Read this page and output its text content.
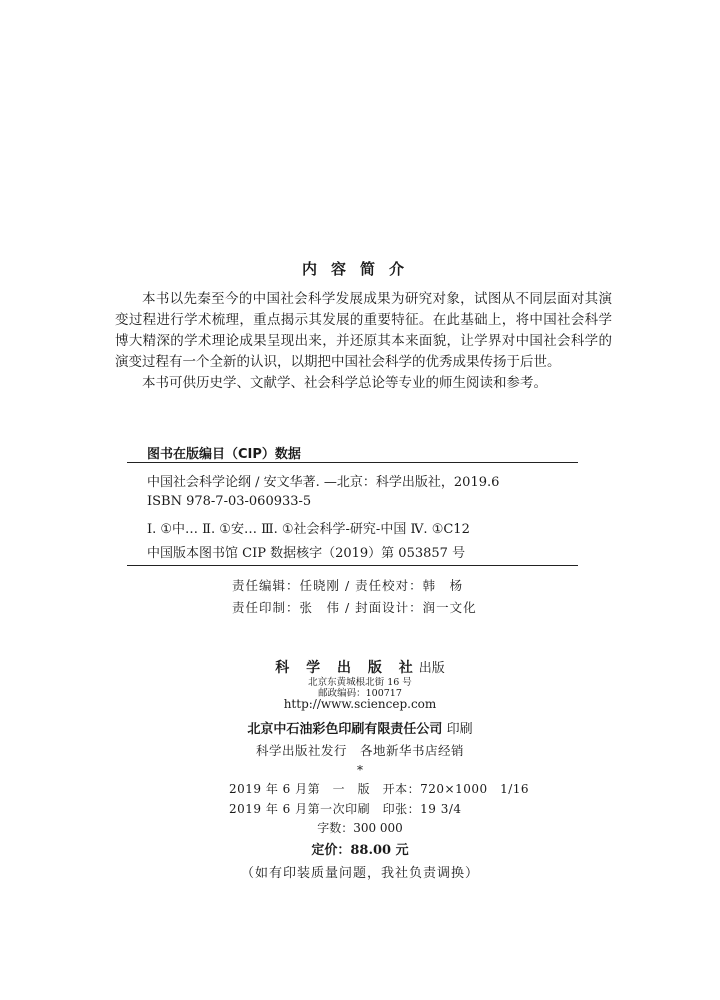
内容简介

本书以先秦至今的中国社会科学发展成果为研究对象，试图从不同层面对其演变过程进行学术梳理，重点揭示其发展的重要特征。在此基础上，将中国社会科学博大精深的学术理论成果呈现出来，并还原其本来面貌，让学界对中国社会科学的演变过程有一个全新的认识，以期把中国社会科学的优秀成果传扬于后世。

本书可供历史学、文献学、社会科学总论等专业的师生阅读和参考。

图书在版编目（CIP）数据
中国社会科学论纲 / 安文华著. —北京：科学出版社，2019.6
ISBN 978-7-03-060933-5
Ⅰ. ①中… Ⅱ. ①安… Ⅲ. ①社会科学-研究-中国 Ⅳ. ①C12
中国版本图书馆 CIP 数据核字（2019）第 053857 号
责任编辑：任晓刚 / 责任校对：韩　杨
责任印制：张　伟 / 封面设计：润一文化
科 学 出 版 社出版
北京东黄城根北街 16 号
邮政编码：100717
http://www.sciencep.com
北京中石油彩色印刷有限责任公司 印刷
科学出版社发行　各地新华书店经销
*
2019 年 6 月第　一　版　开本：720×1000　1/16
2019 年 6 月第一次印刷　印张：19 3/4
字数：300 000
定价：88.00 元
（如有印装质量问题，我社负责调换）
